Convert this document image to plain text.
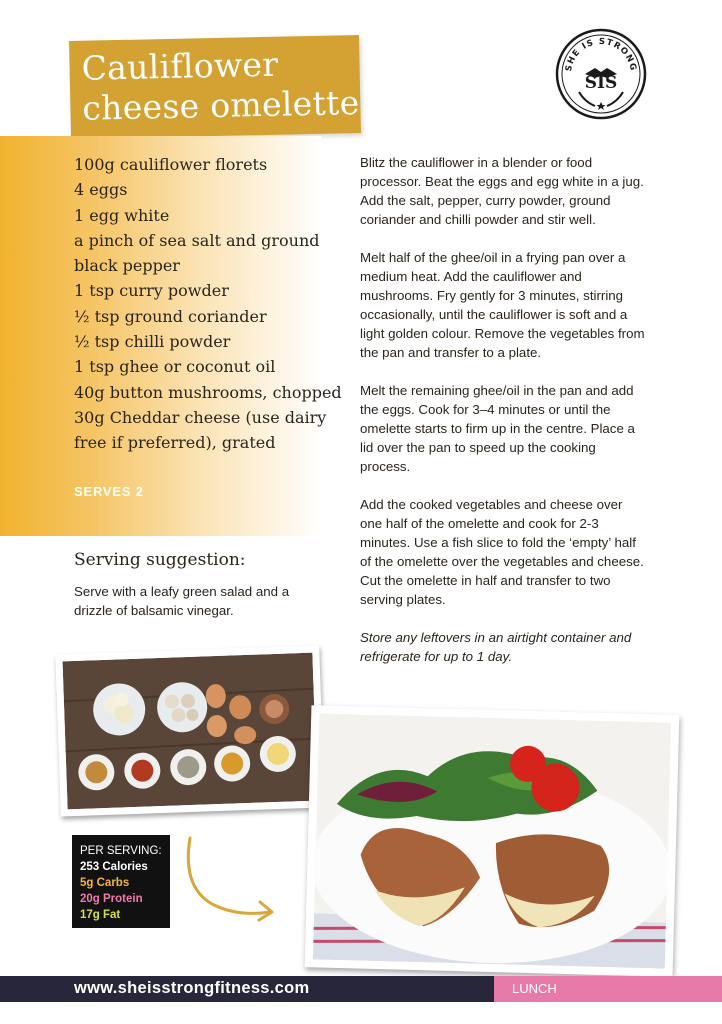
Cauliflower
cheese omelette
SHE IS STRONG
SIS
100g cauliflower florets
4 eggs
1 egg white
a pinch of sea salt and ground
black pepper
1 tsp curry powder
½ tsp ground coriander
½ tsp chilli powder
1 tsp ghee or coconut oil
40g button mushrooms, chopped
30g Cheddar cheese (use dairy
free if preferred), grated
SERVES 2
Serving suggestion:
Serve with a leafy green salad and a drizzle of balsamic vinegar.

Blitz the cauliflower in a blender or food processor. Beat the eggs and egg white in a jug. Add the salt, pepper, curry powder, ground coriander and chilli powder and stir well.

Melt half of the ghee/oil in a frying pan over a medium heat. Add the cauliflower and mushrooms. Fry gently for 3 minutes, stirring occasionally, until the cauliflower is soft and a light golden colour. Remove the vegetables from the pan and transfer to a plate.

Melt the remaining ghee/oil in the pan and add the eggs. Cook for 3–4 minutes or until the omelette starts to firm up in the centre. Place a lid over the pan to speed up the cooking process.

Add the cooked vegetables and cheese over one half of the omelette and cook for 2-3 minutes. Use a fish slice to fold the ‘empty’ half of the omelette over the vegetables and cheese. Cut the omelette in half and transfer to two serving plates.

Store any leftovers in an airtight container and refrigerate for up to 1 day.

PER SERVING:
253 Calories
5g Carbs
20g Protein
17g Fat
www.sheisstrongfitness.com	LUNCH
